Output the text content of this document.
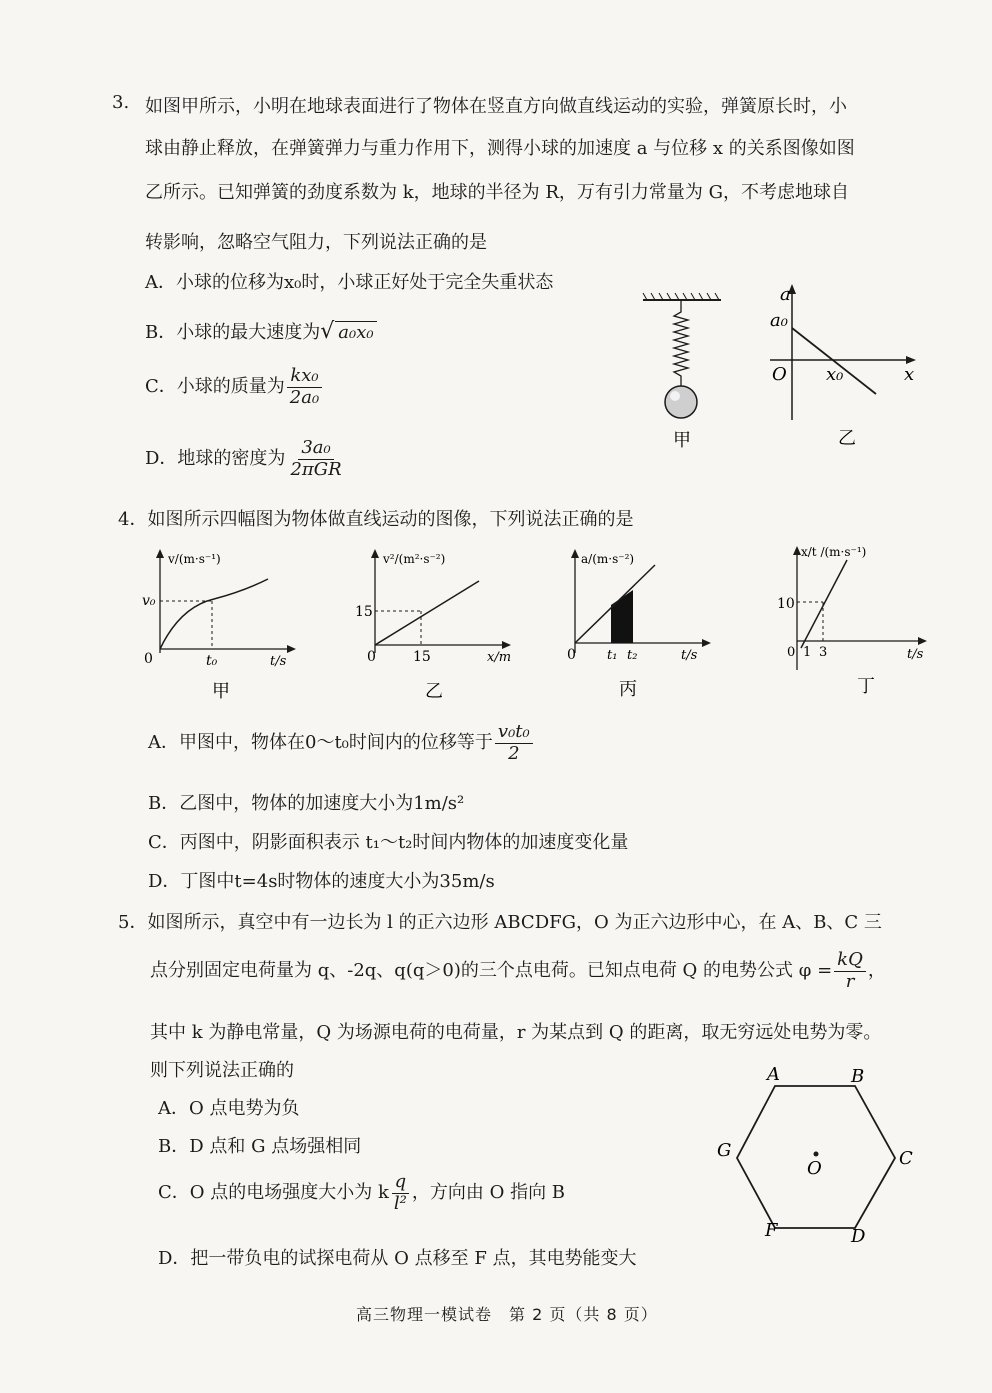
3. 如图甲所示，小明在地球表面进行了物体在竖直方向做直线运动的实验，弹簧原长时，小
球由静止释放，在弹簧弹力与重力作用下，测得小球的加速度 a 与位移 x 的关系图像如图
乙所示。已知弹簧的劲度系数为 k，地球的半径为 R，万有引力常量为 G，不考虑地球自
转影响，忽略空气阻力，下列说法正确的是
A．小球的位移为x₀时，小球正好处于完全失重状态
B．小球的最大速度为√ a₀x₀
C．小球的质量为 $\frac{\text{kx₀}}{\text{2a₀}}$
D．地球的密度为 $\frac{\text{3a₀}}{\text{2πGR}}$	甲
a
a₀
O x₀	x
乙
4．如图所示四幅图为物体做直线运动的图像，下列说法正确的是
v/(m·s⁻¹)
v₀
0	t₀	t/s
甲
v²/(m²·s⁻²)
15
0	15	x/m
乙
a/(m·s⁻²)
0 t₁ t₂	t/s
丙
x/t /(m·s⁻¹)
10
0 1 3	t/s
丁
A．甲图中，物体在0～t₀时间内的位移等于 $\frac{\text{v₀t₀}}{2}$
B．乙图中，物体的加速度大小为1m/s²
C．丙图中，阴影面积表示 t₁～t₂时间内物体的加速度变化量
D．丁图中t=4s时物体的速度大小为35m/s
5．如图所示，真空中有一边长为 l 的正六边形 ABCDFG，O 为正六边形中心，在 A、B、C 三
点分别固定电荷量为 q、-2q、q(q＞0)的三个点电荷。已知点电荷 Q 的电势公式 $\varphi = \frac{kQ}{r}$ ，
其中 k 为静电常量，Q 为场源电荷的电荷量，r 为某点到 Q 的距离，取无穷远处电势为零。
则下列说法正确的
A．O 点电势为负
B．D 点和 G 点场强相同
C．O 点的电场强度大小为 k $\frac{q}{\text{l²}}$ ，方向由 O 指向 B
D．把一带负电的试探电荷从 O 点移至 F 点，其电势能变大
A	B
C
D
F
G
O
高三物理一模试卷　第 2 页（共 8 页）
